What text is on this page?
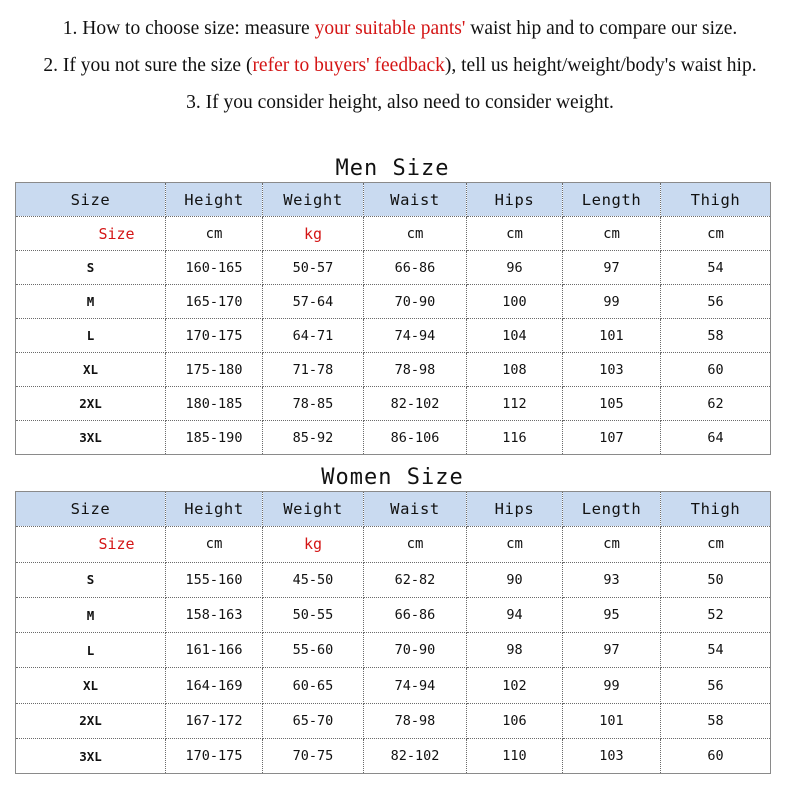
1. How to choose size: measure your suitable pants' waist hip and to compare our size.
2. If you not sure the size (refer to buyers' feedback), tell us height/weight/body's waist hip.
3. If you consider height, also need to consider weight.
Men Size
Size	Height	Weight	Waist	Hips	Length	Thigh
Size	cm	kg	cm	cm	cm	cm
S	160-165	50-57	66-86	96	97	54
M	165-170	57-64	70-90	100	99	56
L	170-175	64-71	74-94	104	101	58
XL	175-180	71-78	78-98	108	103	60
2XL	180-185	78-85	82-102	112	105	62
3XL	185-190	85-92	86-106	116	107	64
Women Size
Size	Height	Weight	Waist	Hips	Length	Thigh
Size	cm	kg	cm	cm	cm	cm
S	155-160	45-50	62-82	90	93	50
M	158-163	50-55	66-86	94	95	52
L	161-166	55-60	70-90	98	97	54
XL	164-169	60-65	74-94	102	99	56
2XL	167-172	65-70	78-98	106	101	58
3XL	170-175	70-75	82-102	110	103	60
